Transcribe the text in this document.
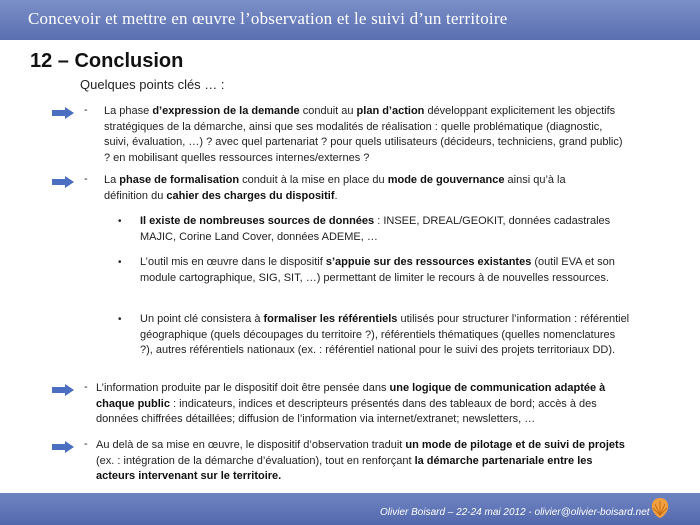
Concevoir et mettre en œuvre l’observation et le suivi d’un territoire
12 – Conclusion
Quelques points clés … :
- La phase d’expression de la demande conduit au plan d’action développant explicitement les objectifs stratégiques de la démarche, ainsi que ses modalités de réalisation : quelle problématique (diagnostic, suivi, évaluation, …) ? avec quel partenariat ? pour quels utilisateurs (décideurs, techniciens, grand public) ? en mobilisant quelles ressources internes/externes ?
- La phase de formalisation conduit à la mise en place du mode de gouvernance ainsi qu’à la définition du cahier des charges du dispositif.
• Il existe de nombreuses sources de données : INSEE, DREAL/GEOKIT, données cadastrales MAJIC, Corine Land Cover, données ADEME, …
• L’outil mis en œuvre dans le dispositif s’appuie sur des ressources existantes (outil EVA et son module cartographique, SIG, SIT, …) permettant de limiter le recours à de nouvelles ressources.
• Un point clé consistera à formaliser les référentiels utilisés pour structurer l’information : référentiel géographique (quels découpages du territoire ?), référentiels thématiques (quelles nomenclatures ?), autres référentiels nationaux (ex. : référentiel national pour le suivi des projets territoriaux DD).
- L’information produite par le dispositif doit être pensée dans une logique de communication adaptée à chaque public : indicateurs, indices et descripteurs présentés dans des tableaux de bord; accès à des données chiffrées détaillées; diffusion de l’information via internet/extranet; newsletters, …
- Au delà de sa mise en œuvre, le dispositif d’observation traduit un mode de pilotage et de suivi de projets (ex. : intégration de la démarche d’évaluation), tout en renforçant la démarche partenariale entre les acteurs intervenant sur le territoire.
Olivier Boisard – 22-24 mai 2012 - olivier@olivier-boisard.net
